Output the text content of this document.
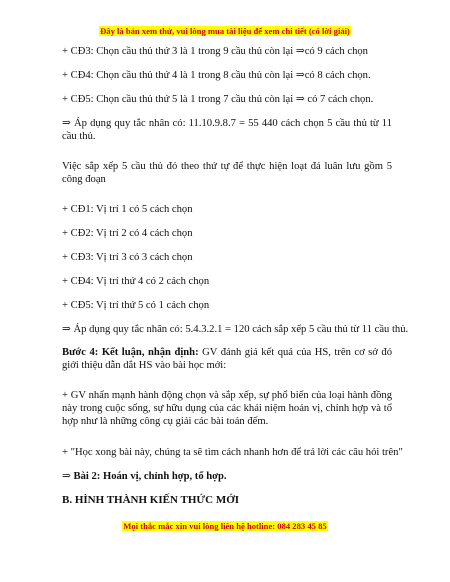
Đây là bản xem thử, vui lòng mua tài liệu để xem chi tiết (có lời giải)
+ CĐ3: Chọn cầu thủ thứ 3 là 1 trong 9 cầu thủ còn lại ⇒có 9 cách chọn
+ CĐ4: Chọn cầu thủ thứ 4 là 1 trong 8 cầu thủ còn lại ⇒có 8 cách chọn.
+ CĐ5: Chọn cầu thủ thứ 5 là 1 trong 7 cầu thủ còn lại ⇒ có 7 cách chọn.
⇒ Áp dụng quy tắc nhân có: 11.10.9.8.7 = 55 440 cách chọn 5 cầu thủ từ 11 cầu thủ.
Việc sắp xếp 5 cầu thủ đó theo thứ tự để thực hiện loạt đá luân lưu gồm 5 công đoạn
+ CĐ1: Vị trí 1 có 5 cách chọn
+ CĐ2: Vị trí 2 có 4 cách chọn
+ CĐ3: Vị trí 3 có 3 cách chọn
+ CĐ4: Vị trí thứ 4 có 2 cách chọn
+ CĐ5: Vị trí thứ 5 có 1 cách chọn
⇒ Áp dụng quy tắc nhân có: 5.4.3.2.1 = 120 cách sắp xếp 5 cầu thủ từ 11 cầu thủ.
Bước 4: Kết luận, nhận định: GV đánh giá kết quả của HS, trên cơ sở đó giới thiệu dẫn dắt HS vào bài học mới:
+ GV nhấn mạnh hành động chọn và sắp xếp, sự phổ biến của loại hành đồng này trong cuộc sống, sự hữu dụng của các khái niệm hoán vị, chỉnh hợp và tổ hợp như là những công cụ giải các bài toán đếm.
+ "Học xong bài này, chúng ta sẽ tìm cách nhanh hơn để trả lời các câu hỏi trên"
⇒ Bài 2: Hoán vị, chỉnh hợp, tổ hợp.
B. HÌNH THÀNH KIẾN THỨC MỚI
Mọi thắc mắc xin vui lòng liên hệ hotline: 084 283 45 85
